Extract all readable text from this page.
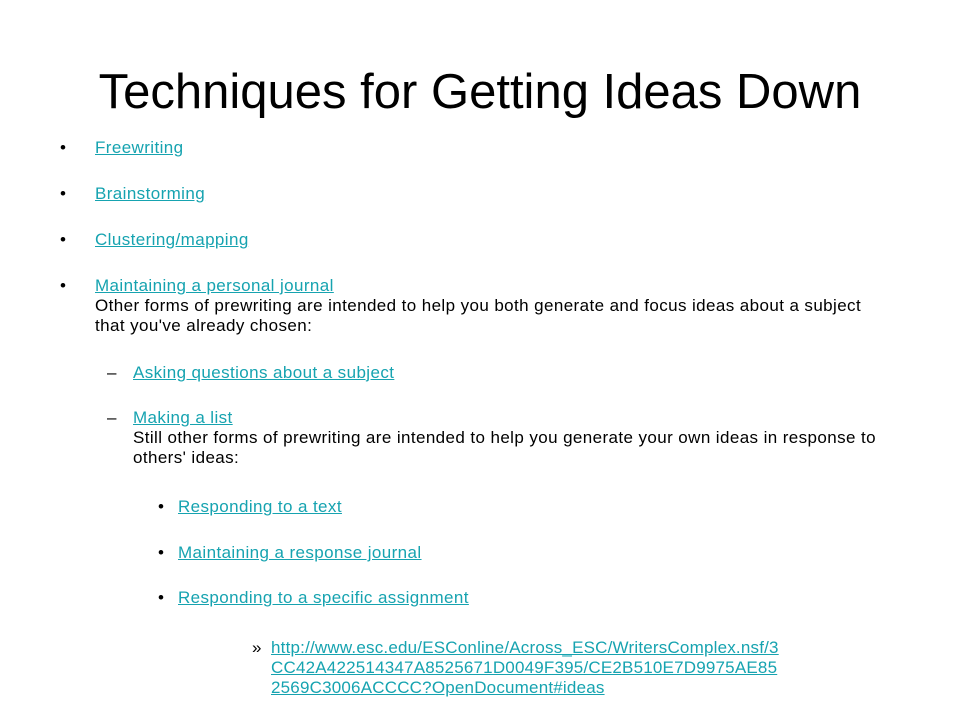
Techniques for Getting Ideas Down
• Freewriting
• Brainstorming
• Clustering/mapping
• Maintaining a personal journal
Other forms of prewriting are intended to help you both generate and focus ideas about a subject that you've already chosen:
– Asking questions about a subject
– Making a list
Still other forms of prewriting are intended to help you generate your own ideas in response to others' ideas:
• Responding to a text
• Maintaining a response journal
• Responding to a specific assignment
» http://www.esc.edu/ESConline/Across_ESC/WritersComplex.nsf/3
CC42A422514347A8525671D0049F395/CE2B510E7D9975AE85
2569C3006ACCCC?OpenDocument#ideas
